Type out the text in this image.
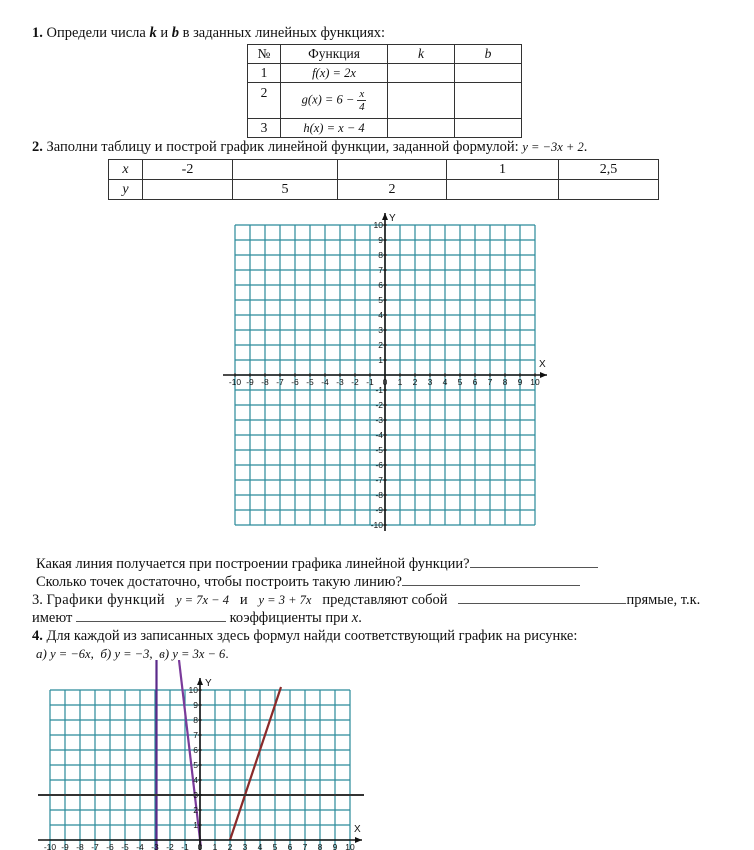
1. Определи числа k и b в заданных линейных функциях:
№	Функция	k	b
1	f(x) = 2x		
2	$g(x) = 6 - \frac{x}{4}$

3	h(x) = x − 4		
2. Заполни таблицу и построй график линейной функции, заданной формулой: y = −3x + 2.
x	-2			1	2,5
y		5	2		
X
Y
-10 -9 -8 -7 -6 -5 -4 -3 -2 -1 0 1 2 3 4 5 6 7 8 9 10
10
9
8
7
6
5
4
3
2
1
-1
-2
-3
-4
-5
-6
-7
-8
-9
-10
Какая линия получается при построении графика линейной функции?
Сколько точек достаточно, чтобы построить такую линию?
3. Графики функций y = 7x − 4 и y = 3 + 7x представляют собой	прямые, т.к.
имеют	коэффициенты при x.
4. Для каждой из записанных здесь формул найди соответствующий график на рисунке:
а) y = −6x, б) y = −3, в) y = 3x − 6.
X
Y
10
9
8
7
6
5
4
3
2
1
-10 -9 -8 -7 -6 -5 -4 -3 -2 -1 0 1 2 3 4 5 6 7 8 9 10
